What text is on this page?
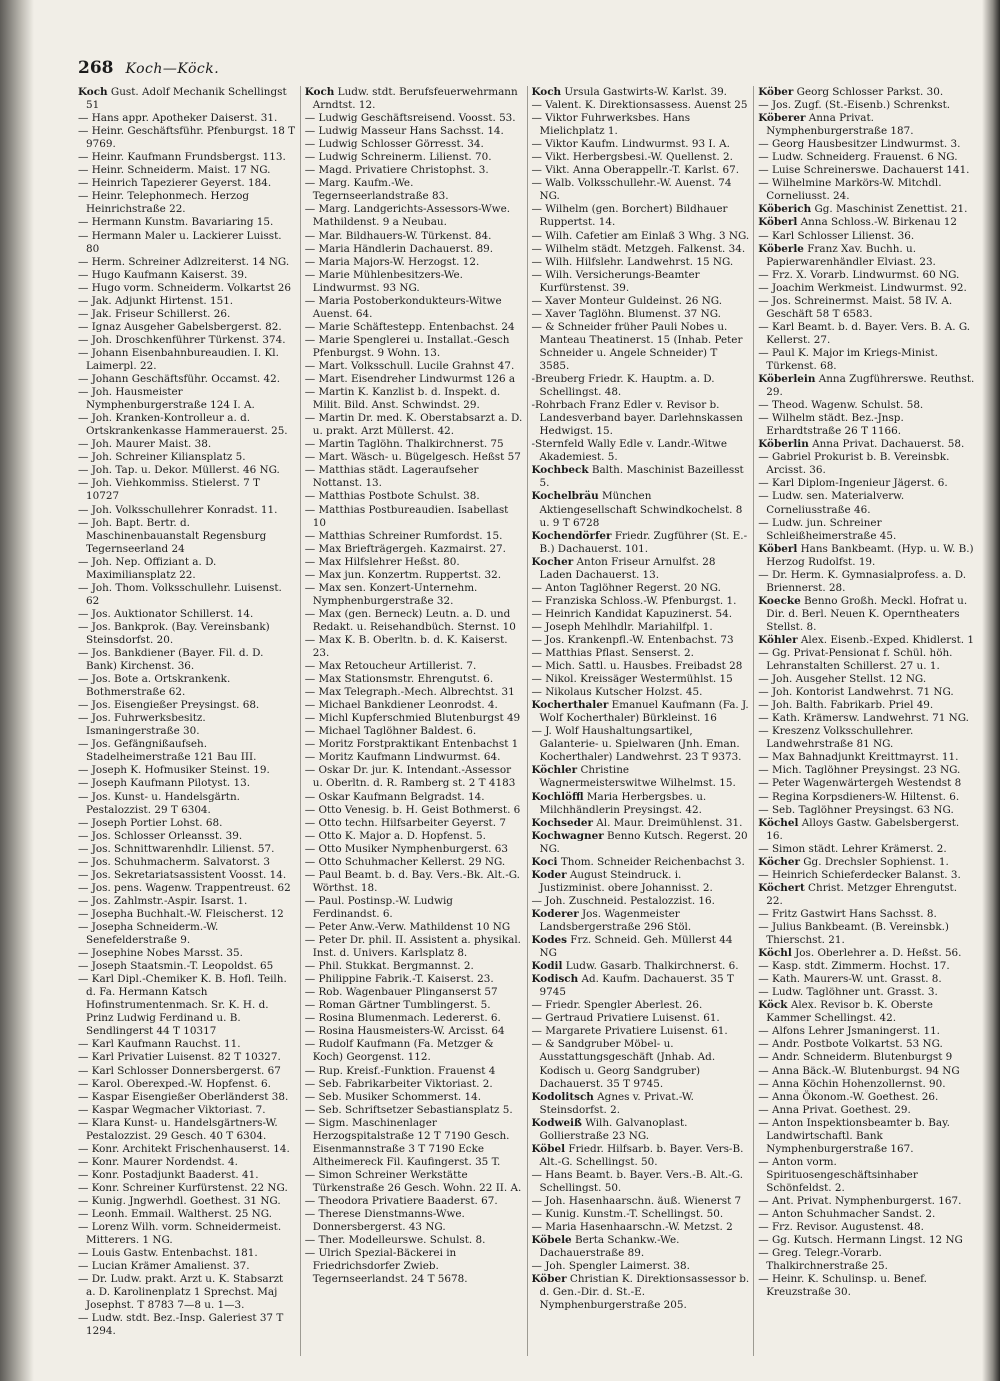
268 Koch—Köck.

Koch Gust. Adolf Mechanik Schellingst 51

— Hans appr. Apotheker Daiserst. 31.

— Heinr. Geschäftsführ. Pfenburgst. 18 T 9769.

— Heinr. Kaufmann Frundsbergst. 113.

— Heinr. Schneiderm. Maist. 17 NG.

— Heinrich Tapezierer Geyerst. 184.

— Heinr. Telephonmech. Herzog Heinrichstraße 22.

— Hermann Kunstm. Bavariaring 15.

— Hermann Maler u. Lackierer Luisst. 80

— Herm. Schreiner Adlzreiterst. 14 NG.

— Hugo Kaufmann Kaiserst. 39.

— Hugo vorm. Schneiderm. Volkartst 26

— Jak. Adjunkt Hirtenst. 151.

— Jak. Friseur Schillerst. 26.

— Ignaz Ausgeher Gabelsbergerst. 82.

— Joh. Droschkenführer Türkenst. 374.

— Johann Eisenbahnbureaudien. I. Kl. Laimerpl. 22.

— Johann Geschäftsführ. Occamst. 42.

— Joh. Hausmeister Nymphenburgerstraße 124 I. A.

— Joh. Kranken-Kontrolleur a. d. Ortskrankenkasse Hammerauerst. 25.

— Joh. Maurer Maist. 38.

— Joh. Schreiner Kiliansplatz 5.

— Joh. Tap. u. Dekor. Müllerst. 46 NG.

— Joh. Viehkommiss. Stielerst. 7 T 10727

— Joh. Volksschullehrer Konradst. 11.

— Joh. Bapt. Bertr. d. Maschinenbauanstalt Regensburg Tegernseerland 24

— Joh. Nep. Offiziant a. D. Maximiliansplatz 22.

— Joh. Thom. Volksschullehr. Luisenst. 62

— Jos. Auktionator Schillerst. 14.

— Jos. Bankprok. (Bay. Vereinsbank) Steinsdorfst. 20.

— Jos. Bankdiener (Bayer. Fil. d. D. Bank) Kirchenst. 36.

— Jos. Bote a. Ortskrankenk. Bothmerstraße 62.

— Jos. Eisengießer Preysingst. 68.

— Jos. Fuhrwerksbesitz. Ismaningerstraße 30.

— Jos. Gefängnißaufseh. Stadelheimerstraße 121 Bau III.

— Joseph K. Hofmusiker Steinst. 19.

— Joseph Kaufmann Pilotyst. 13.

— Jos. Kunst- u. Handelsgärtn. Pestalozzist. 29 T 6304.

— Joseph Portier Lohst. 68.

— Jos. Schlosser Orleansst. 39.

— Jos. Schnittwarenhdlr. Lilienst. 57.

— Jos. Schuhmacherm. Salvatorst. 3

— Jos. Sekretariatsassistent Voosst. 14.

— Jos. pens. Wagenw. Trappentreust. 62

— Jos. Zahlmstr.-Aspir. Isarst. 1.

— Josepha Buchhalt.-W. Fleischerst. 12

— Josepha Schneiderm.-W. Senefelderstraße 9.

— Josephine Nobes Marsst. 35.

— Joseph Staatsmin.-T. Leopoldst. 65

— Karl Dipl.-Chemiker K. B. Hofl. Teilh. d. Fa. Hermann Katsch Hofinstrumentenmach. Sr. K. H. d. Prinz Ludwig Ferdinand u. B. Sendlingerst 44 T 10317

— Karl Kaufmann Rauchst. 11.

— Karl Privatier Luisenst. 82 T 10327.

— Karl Schlosser Donnersbergerst. 67

— Karol. Oberexped.-W. Hopfenst. 6.

— Kaspar Eisengießer Oberländerst 38.

— Kaspar Wegmacher Viktoriast. 7.

— Klara Kunst- u. Handelsgärtners-W. Pestalozzist. 29 Gesch. 40 T 6304.

— Konr. Architekt Frischenhauserst. 14.

— Konr. Maurer Nordendst. 4.

— Konr. Postadjunkt Baaderst. 41.

— Konr. Schreiner Kurfürstenst. 22 NG.

— Kunig. Jngwerhdl. Goethest. 31 NG.

— Leonh. Emmail. Waltherst. 25 NG.

— Lorenz Wilh. vorm. Schneidermeist. Mitterers. 1 NG.

— Louis Gastw. Entenbachst. 181.

— Lucian Krämer Amalienst. 37.

— Dr. Ludw. prakt. Arzt u. K. Stabsarzt a. D. Karolinenplatz 1 Sprechst. Maj Josephst. T 8783 7—8 u. 1—3.

— Ludw. stdt. Bez.-Insp. Galeriest 37 T 1294.

Koch Ludw. stdt. Berufsfeuerwehrmann Arndtst. 12.

— Ludwig Geschäftsreisend. Voosst. 53.

— Ludwig Masseur Hans Sachsst. 14.

— Ludwig Schlosser Görresst. 34.

— Ludwig Schreinerm. Lilienst. 70.

— Magd. Privatiere Christophst. 3.

— Marg. Kaufm.-We. Tegernseerlandstraße 83.

— Marg. Landgerichts-Assessors-Wwe. Mathildenst. 9 a Neubau.

— Mar. Bildhauers-W. Türkenst. 84.

— Maria Händlerin Dachauerst. 89.

— Maria Majors-W. Herzogst. 12.

— Marie Mühlenbesitzers-We. Lindwurmst. 93 NG.

— Maria Postoberkondukteurs-Witwe Auenst. 64.

— Marie Schäftestepp. Entenbachst. 24

— Marie Spenglerei u. Installat.-Gesch Pfenburgst. 9 Wohn. 13.

— Mart. Volksschull. Lucile Grahnst 47.

— Mart. Eisendreher Lindwurmst 126 a

— Martin K. Kanzlist b. d. Inspekt. d. Milit. Bild. Anst. Schwindst. 29.

— Martin Dr. med. K. Oberstabsarzt a. D. u. prakt. Arzt Müllerst. 42.

— Martin Taglöhn. Thalkirchnerst. 75

— Mart. Wäsch- u. Bügelgesch. Heßst 57

— Matthias städt. Lageraufseher Nottanst. 13.

— Matthias Postbote Schulst. 38.

— Matthias Postbureaudien. Isabellast 10

— Matthias Schreiner Rumfordst. 15.

— Max Briefträgergeh. Kazmairst. 27.

— Max Hilfslehrer Heßst. 80.

— Max jun. Konzertm. Ruppertst. 32.

— Max sen. Konzert-Unternehm. Nymphenburgerstraße 32.

— Max (gen. Berneck) Leutn. a. D. und Redakt. u. Reisehandbüch. Sternst. 10

— Max K. B. Oberltn. b. d. K. Kaiserst. 23.

— Max Retoucheur Artillerist. 7.

— Max Stationsmstr. Ehrengutst. 6.

— Max Telegraph.-Mech. Albrechtst. 31

— Michael Bankdiener Leonrodst. 4.

— Michl Kupferschmied Blutenburgst 49

— Michael Taglöhner Baldest. 6.

— Moritz Forstpraktikant Entenbachst 1

— Moritz Kaufmann Lindwurmst. 64.

— Oskar Dr. jur. K. Intendant.-Assessor u. Oberltn. d. R. Ramberg st. 2 T 4183

— Oskar Kaufmann Belgradst. 14.

— Otto Venesig. b. H. Geist Bothmerst. 6

— Otto techn. Hilfsarbeiter Geyerst. 7

— Otto K. Major a. D. Hopfenst. 5.

— Otto Musiker Nymphenburgerst. 63

— Otto Schuhmacher Kellerst. 29 NG.

— Paul Beamt. b. d. Bay. Vers.-Bk. Alt.-G. Wörthst. 18.

— Paul. Postinsp.-W. Ludwig Ferdinandst. 6.

— Peter Anw.-Verw. Mathildenst 10 NG

— Peter Dr. phil. II. Assistent a. physikal. Inst. d. Univers. Karlsplatz 8.

— Phil. Stukkat. Bergmannst. 2.

— Philippine Fabrik.-T. Kaiserst. 23.

— Rob. Wagenbauer Plinganserst 57

— Roman Gärtner Tumblingerst. 5.

— Rosina Blumenmach. Ledererst. 6.

— Rosina Hausmeisters-W. Arcisst. 64

— Rudolf Kaufmann (Fa. Metzger & Koch) Georgenst. 112.

— Rup. Kreisf.-Funktion. Frauenst 4

— Seb. Fabrikarbeiter Viktoriast. 2.

— Seb. Musiker Schommerst. 14.

— Seb. Schriftsetzer Sebastiansplatz 5.

— Sigm. Maschinenlager Herzogspitalstraße 12 T 7190 Gesch. Eisenmannstraße 3 T 7190 Ecke Altheimereck Fil. Kaufingerst. 35 T.

— Simon Schreiner Werkstätte Türkenstraße 26 Gesch. Wohn. 22 II. A.

— Theodora Privatiere Baaderst. 67.

— Therese Dienstmanns-Wwe. Donnersbergerst. 43 NG.

— Ther. Modelleurswe. Schulst. 8.

— Ulrich Spezial-Bäckerei in Friedrichsdorfer Zwieb. Tegernseerlandst. 24 T 5678.

Koch Ursula Gastwirts-W. Karlst. 39.

— Valent. K. Direktionsassess. Auenst 25

— Viktor Fuhrwerksbes. Hans Mielichplatz 1.

— Viktor Kaufm. Lindwurmst. 93 I. A.

— Vikt. Herbergsbesi.-W. Quellenst. 2.

— Vikt. Anna Oberappellr.-T. Karlst. 67.

— Walb. Volksschullehr.-W. Auenst. 74 NG.

— Wilhelm (gen. Borchert) Bildhauer Ruppertst. 14.

— Wilh. Cafetier am Einlaß 3 Whg. 3 NG.

— Wilhelm städt. Metzgeh. Falkenst. 34.

— Wilh. Hilfslehr. Landwehrst. 15 NG.

— Wilh. Versicherungs-Beamter Kurfürstenst. 39.

— Xaver Monteur Guldeinst. 26 NG.

— Xaver Taglöhn. Blumenst. 37 NG.

— & Schneider früher Pauli Nobes u. Manteau Theatinerst. 15 (Inhab. Peter Schneider u. Angele Schneider) T 3585.

-Breuberg Friedr. K. Hauptm. a. D. Schellingst. 48.

-Rohrbach Franz Edler v. Revisor b. Landesverband bayer. Darlehnskassen Hedwigst. 15.

-Sternfeld Wally Edle v. Landr.-Witwe Akademiest. 5.

Kochbeck Balth. Maschinist Bazeillesst 5.

Kochelbräu München Aktiengesellschaft Schwindkochelst. 8 u. 9 T 6728

Kochendörfer Friedr. Zugführer (St. E.-B.) Dachauerst. 101.

Kocher Anton Friseur Arnulfst. 28 Laden Dachauerst. 13.

— Anton Taglöhner Regerst. 20 NG.

— Franziska Schloss.-W. Pfenburgst. 1.

— Heinrich Kandidat Kapuzinerst. 54.

— Joseph Mehlhdlr. Mariahilfpl. 1.

— Jos. Krankenpfl.-W. Entenbachst. 73

— Matthias Pflast. Senserst. 2.

— Mich. Sattl. u. Hausbes. Freibadst 28

— Nikol. Kreissäger Westermühlst. 15

— Nikolaus Kutscher Holzst. 45.

Kocherthaler Emanuel Kaufmann (Fa. J. Wolf Kocherthaler) Bürkleinst. 16

— J. Wolf Haushaltungsartikel, Galanterie- u. Spielwaren (Jnh. Eman. Kocherthaler) Landwehrst. 23 T 9373.

Köchler Christine Wagnermeisterswitwe Wilhelmst. 15.

Kochlöffl Maria Herbergsbes. u. Milchhändlerin Preysingst. 42.

Kochseder Al. Maur. Dreimühlenst. 31.

Kochwagner Benno Kutsch. Regerst. 20 NG.

Koci Thom. Schneider Reichenbachst 3.

Koder August Steindruck. i. Justizminist. obere Johannisst. 2.

— Joh. Zuschneid. Pestalozzist. 16.

Koderer Jos. Wagenmeister Landsbergerstraße 296 Stöl.

Kodes Frz. Schneid. Geh. Müllerst 44 NG

Kodil Ludw. Gasarb. Thalkirchnerst. 6.

Kodisch Ad. Kaufm. Dachauerst. 35 T 9745

— Friedr. Spengler Aberlest. 26.

— Gertraud Privatiere Luisenst. 61.

— Margarete Privatiere Luisenst. 61.

— & Sandgruber Möbel- u. Ausstattungsgeschäft (Jnhab. Ad. Kodisch u. Georg Sandgruber) Dachauerst. 35 T 9745.

Kodolitsch Agnes v. Privat.-W. Steinsdorfst. 2.

Kodweiß Wilh. Galvanoplast. Gollierstraße 23 NG.

Köbel Friedr. Hilfsarb. b. Bayer. Vers-B. Alt.-G. Schellingst. 50.

— Hans Beamt. b. Bayer. Vers.-B. Alt.-G. Schellingst. 50.

— Joh. Hasenhaarschn. äuß. Wienerst 7

— Kunig. Kunstm.-T. Schellingst. 50.

— Maria Hasenhaarschn.-W. Metzst. 2

Köbele Berta Schankw.-We. Dachauerstraße 89.

— Joh. Spengler Laimerst. 38.

Köber Christian K. Direktionsassessor b. d. Gen.-Dir. d. St.-E. Nymphenburgerstraße 205.

Köber Georg Schlosser Parkst. 30.

— Jos. Zugf. (St.-Eisenb.) Schrenkst.

Köberer Anna Privat. Nymphenburgerstraße 187.

— Georg Hausbesitzer Lindwurmst. 3.

— Ludw. Schneiderg. Frauenst. 6 NG.

— Luise Schreinerswe. Dachauerst 141.

— Wilhelmine Markörs-W. Mitchdl. Corneliusst. 24.

Köberich Gg. Maschinist Zenettist. 21.

Köberl Anna Schloss.-W. Birkenau 12

— Karl Schlosser Lilienst. 36.

Köberle Franz Xav. Buchh. u. Papierwarenhändler Elviast. 23.

— Frz. X. Vorarb. Lindwurmst. 60 NG.

— Joachim Werkmeist. Lindwurmst. 92.

— Jos. Schreinermst. Maist. 58 IV. A. Geschäft 58 T 6583.

— Karl Beamt. b. d. Bayer. Vers. B. A. G. Kellerst. 27.

— Paul K. Major im Kriegs-Minist. Türkenst. 68.

Köberlein Anna Zugführerswe. Reuthst. 29.

— Theod. Wagenw. Schulst. 58.

— Wilhelm städt. Bez.-Jnsp. Erhardtstraße 26 T 1166.

Köberlin Anna Privat. Dachauerst. 58.

— Gabriel Prokurist b. B. Vereinsbk. Arcisst. 36.

— Karl Diplom-Ingenieur Jägerst. 6.

— Ludw. sen. Materialverw. Corneliusstraße 46.

— Ludw. jun. Schreiner Schleißheimerstraße 45.

Köberl Hans Bankbeamt. (Hyp. u. W. B.) Herzog Rudolfst. 19.

— Dr. Herm. K. Gymnasialprofess. a. D. Briennerst. 28.

Koecke Benno Großh. Meckl. Hofrat u. Dir. d. Berl. Neuen K. Operntheaters Stellst. 8.

Köhler Alex. Eisenb.-Exped. Khidlerst. 1

— Gg. Privat-Pensionat f. Schül. höh. Lehranstalten Schillerst. 27 u. 1.

— Joh. Ausgeher Stellst. 12 NG.

— Joh. Kontorist Landwehrst. 71 NG.

— Joh. Balth. Fabrikarb. Priel 49.

— Kath. Krämersw. Landwehrst. 71 NG.

— Kreszenz Volksschullehrer. Landwehrstraße 81 NG.

— Max Bahnadjunkt Kreittmayrst. 11.

— Mich. Taglöhner Preysingst. 23 NG.

— Peter Wagenwärtergeh Westendst 8

— Regina Korpsdieners-W. Hiltenst. 6.

— Seb. Taglöhner Preysingst. 63 NG.

Köchel Alloys Gastw. Gabelsbergerst. 16.

— Simon städt. Lehrer Krämerst. 2.

Köcher Gg. Drechsler Sophienst. 1.

— Heinrich Schieferdecker Balanst. 3.

Köchert Christ. Metzger Ehrengutst. 22.

— Fritz Gastwirt Hans Sachsst. 8.

— Julius Bankbeamt. (B. Vereinsbk.) Thierschst. 21.

Köchl Jos. Oberlehrer a. D. Heßst. 56.

— Kasp. stdt. Zimmerm. Hochst. 17.

— Kath. Maurers-W. unt. Grasst. 8.

— Ludw. Taglöhner unt. Grasst. 3.

Köck Alex. Revisor b. K. Oberste Kammer Schellingst. 42.

— Alfons Lehrer Jsmaningerst. 11.

— Andr. Postbote Volkartst. 53 NG.

— Andr. Schneiderm. Blutenburgst 9

— Anna Bäck.-W. Blutenburgst. 94 NG

— Anna Köchin Hohenzollernst. 90.

— Anna Ökonom.-W. Goethest. 26.

— Anna Privat. Goethest. 29.

— Anton Inspektionsbeamter b. Bay. Landwirtschaftl. Bank Nymphenburgerstraße 167.

— Anton vorm. Spirituosengeschäftsinhaber Schönfeldst. 2.

— Ant. Privat. Nymphenburgerst. 167.

— Anton Schuhmacher Sandst. 2.

— Frz. Revisor. Augustenst. 48.

— Gg. Kutsch. Hermann Lingst. 12 NG

— Greg. Telegr.-Vorarb. Thalkirchnerstraße 25.

— Heinr. K. Schulinsp. u. Benef. Kreuzstraße 30.
